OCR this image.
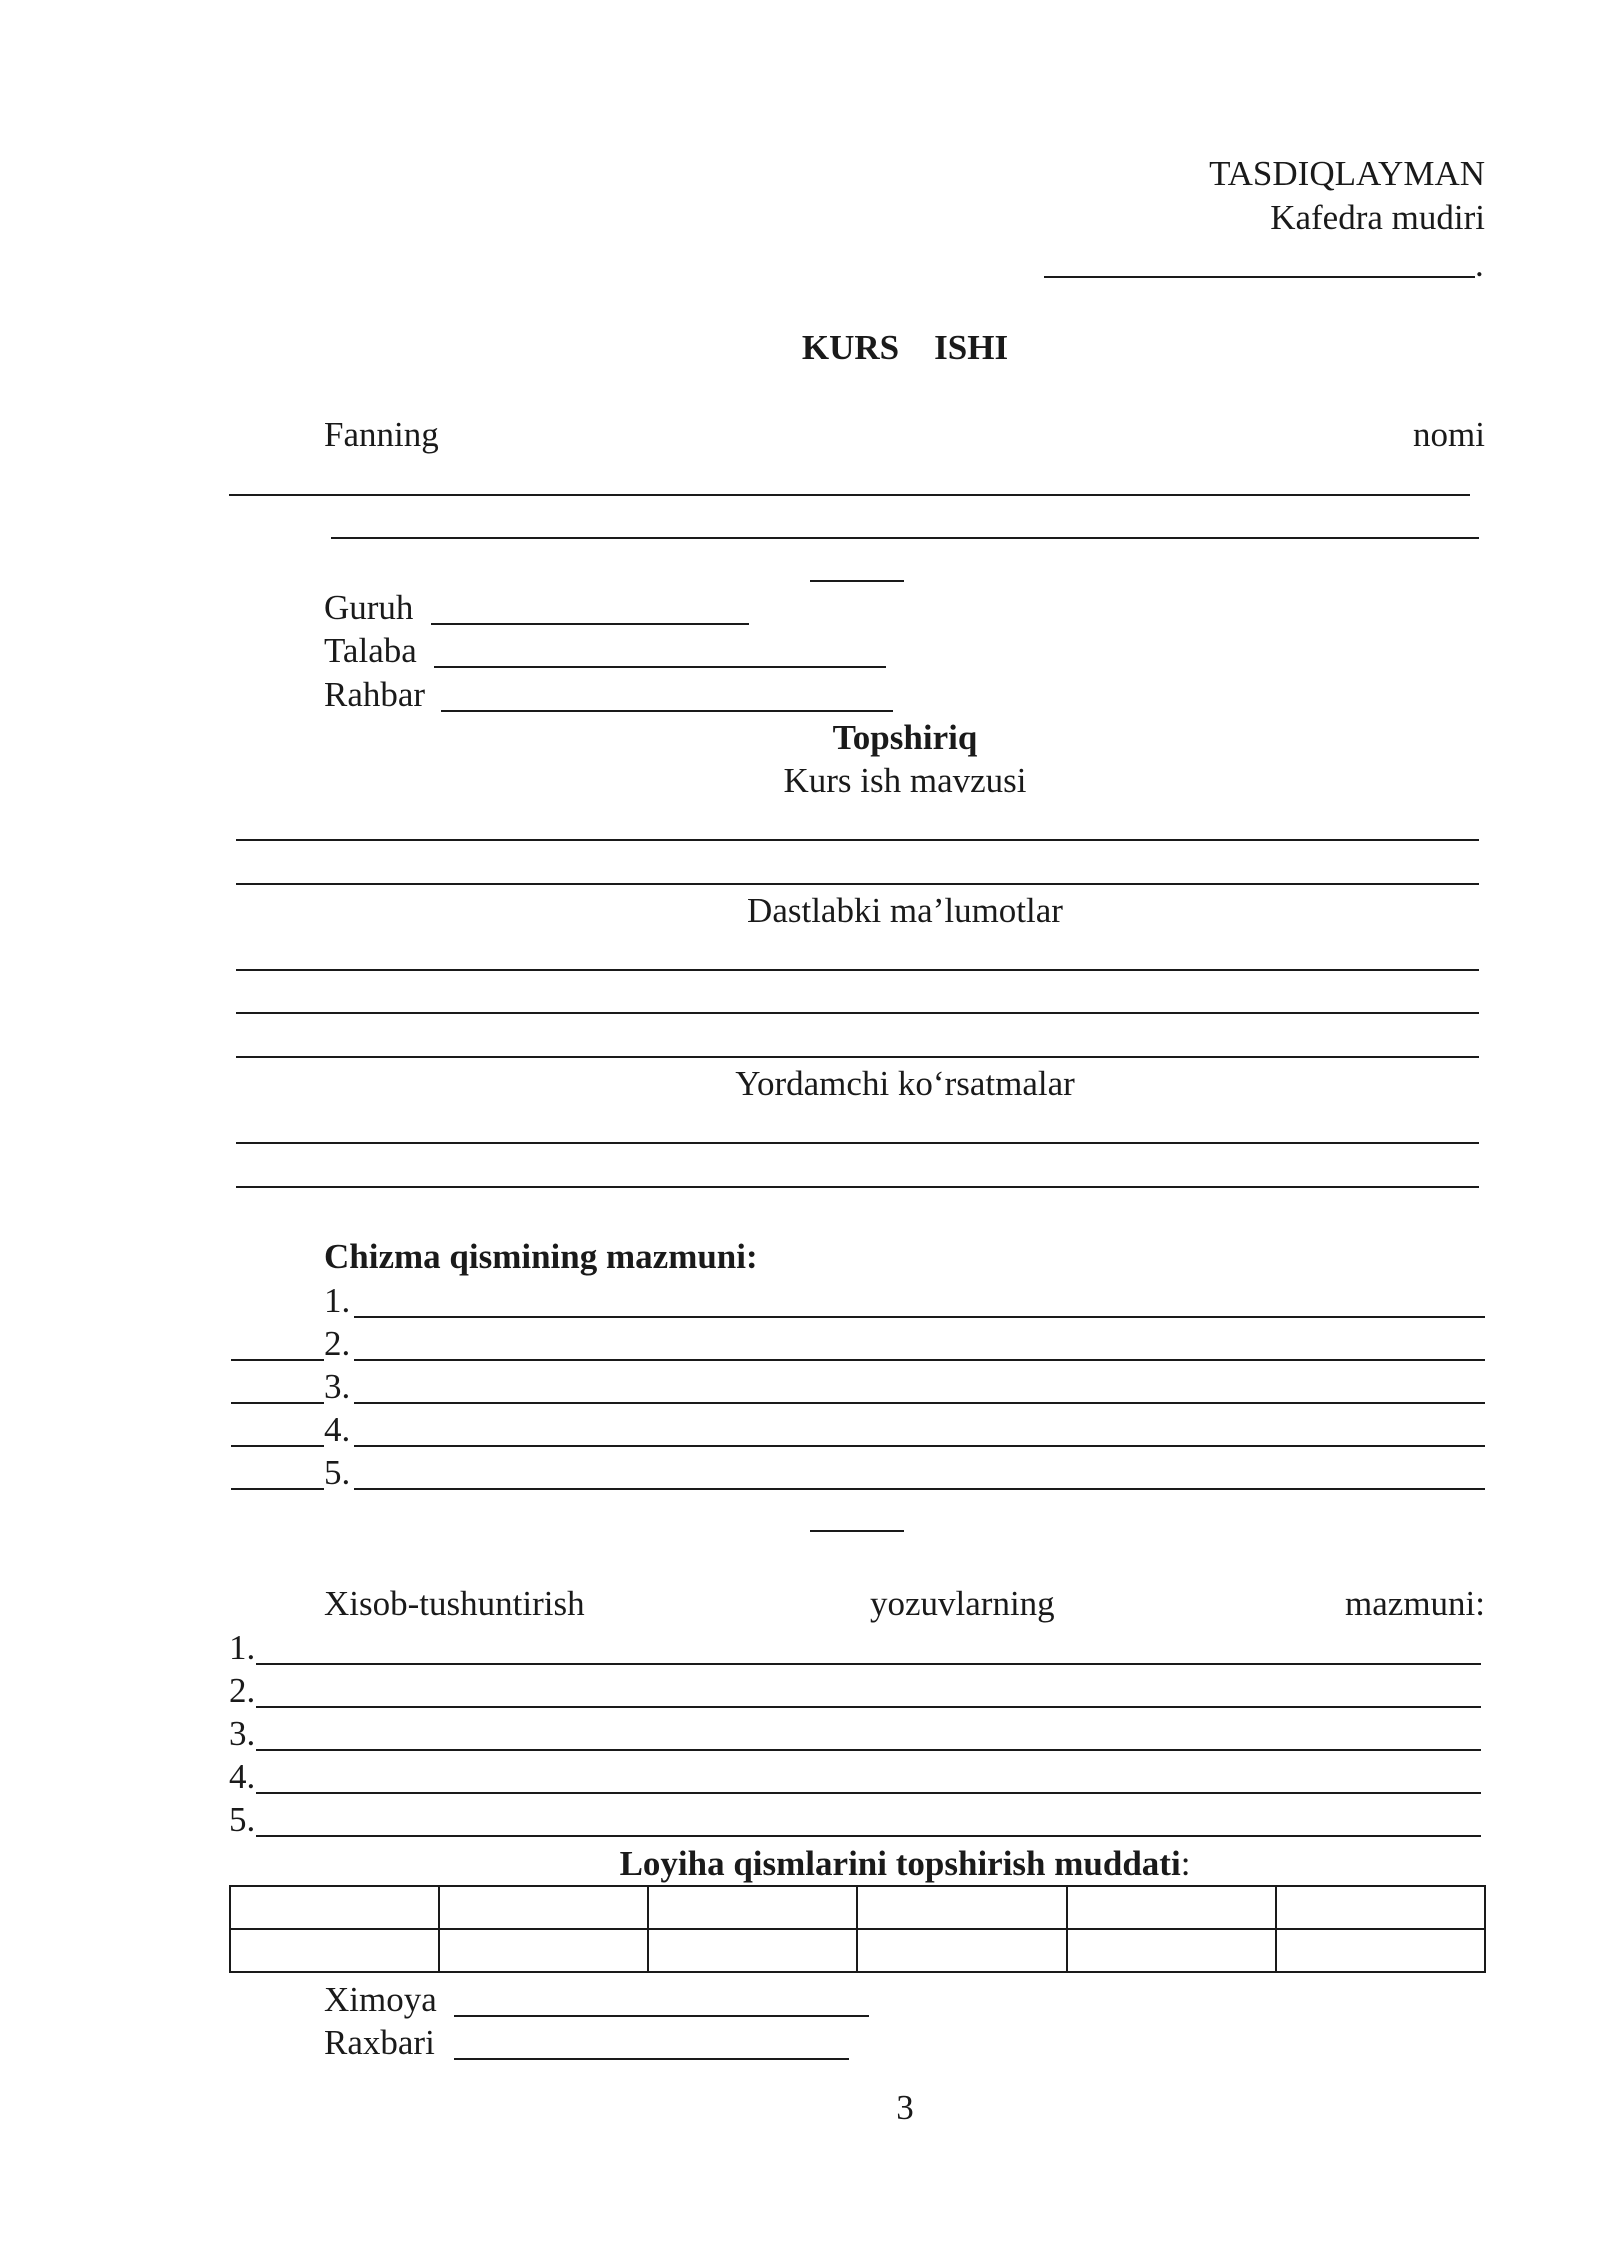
TASDIQLAYMAN
Kafedra mudiri
.
KURS    ISHI
Fanning	nomi
Guruh
Talaba
Rahbar
Topshiriq
Kurs ish mavzusi
Dastlabki ma’lumotlar
Yordamchi ko‘rsatmalar
Chizma qismining mazmuni:
1.
2.
3.
4.
5.
Xisob-tushuntirish	yozuvlarning	mazmuni:
1.
2.
3.
4.
5.
Loyiha qismlarini topshirish muddati:

Ximoya
Raxbari
3
